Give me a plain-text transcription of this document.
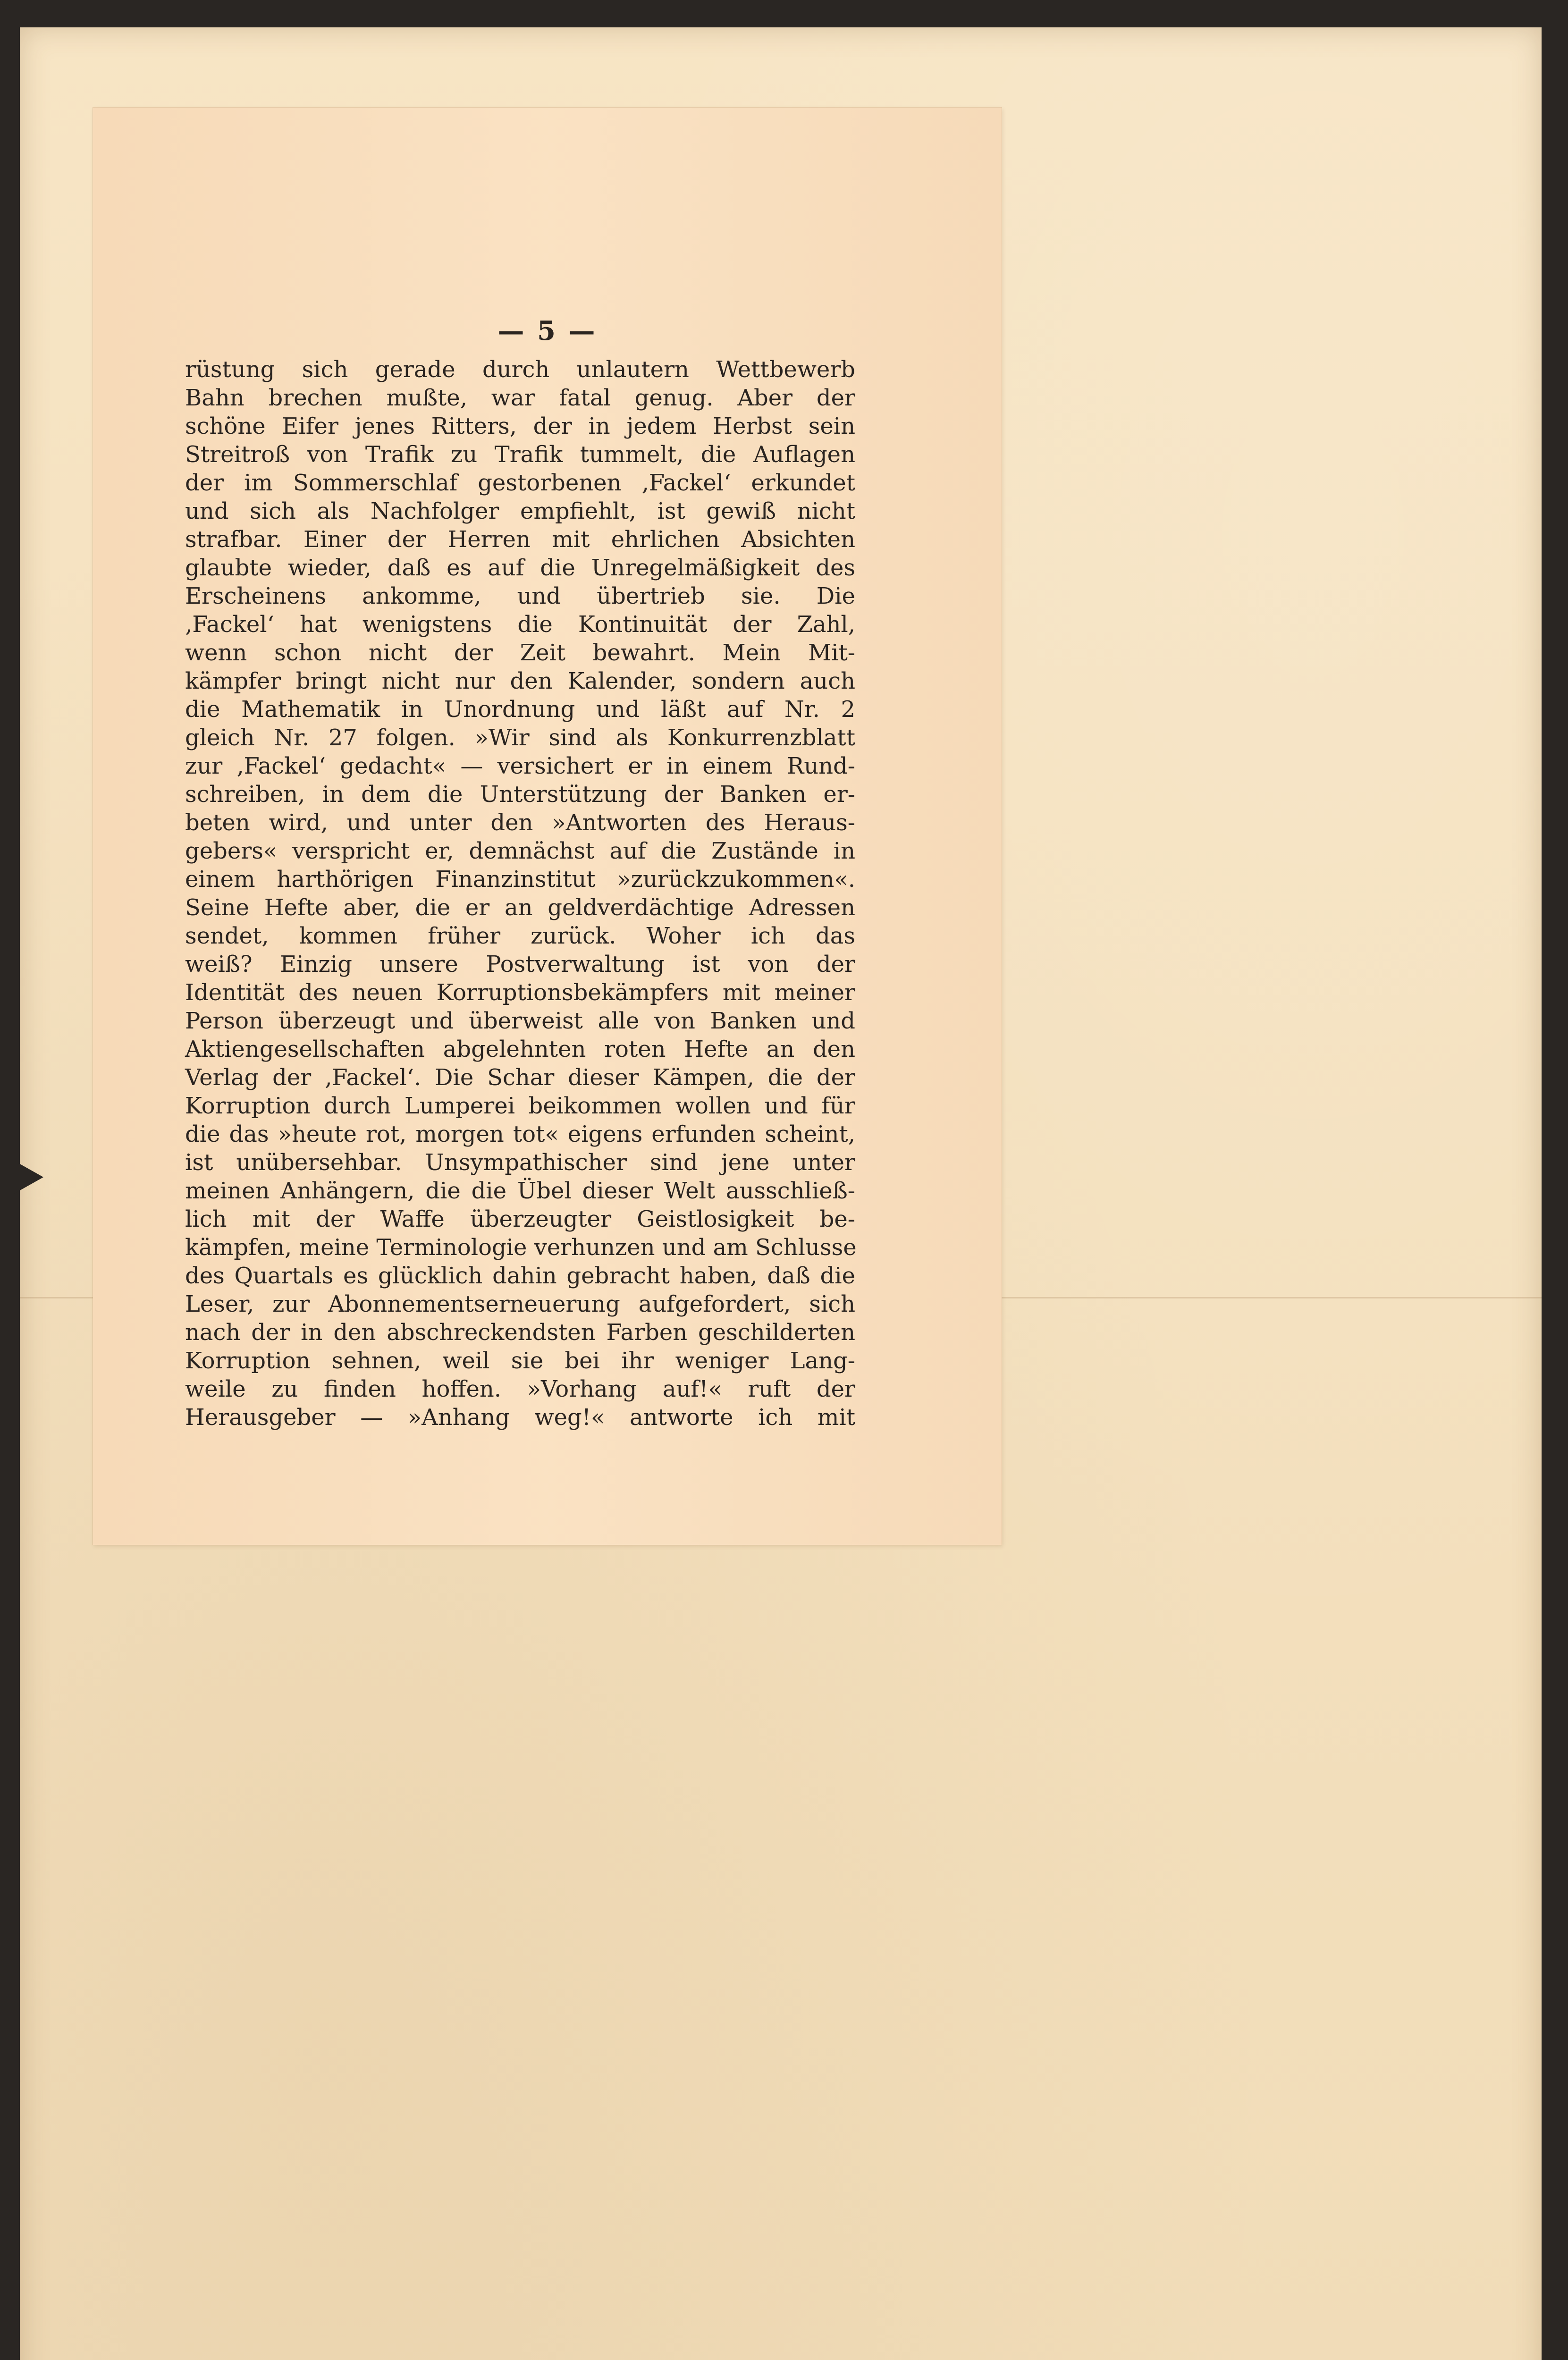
— 5 —
rüstung sich gerade durch unlautern Wettbewerb
Bahn brechen mußte, war fatal genug. Aber der
schöne Eifer jenes Ritters, der in jedem Herbst sein
Streitroß von Trafik zu Trafik tummelt, die Auflagen
der im Sommerschlaf gestorbenen ‚Fackel‘ erkundet
und sich als Nachfolger empfiehlt, ist gewiß nicht
strafbar. Einer der Herren mit ehrlichen Absichten
glaubte wieder, daß es auf die Unregelmäßigkeit des
Erscheinens ankomme, und übertrieb sie. Die
‚Fackel‘ hat wenigstens die Kontinuität der Zahl,
wenn schon nicht der Zeit bewahrt. Mein Mit-
kämpfer bringt nicht nur den Kalender, sondern auch
die Mathematik in Unordnung und läßt auf Nr. 2
gleich Nr. 27 folgen. »Wir sind als Konkurrenzblatt
zur ‚Fackel‘ gedacht« — versichert er in einem Rund-
schreiben, in dem die Unterstützung der Banken er-
beten wird, und unter den »Antworten des Heraus-
gebers« verspricht er, demnächst auf die Zustände in
einem harthörigen Finanzinstitut »zurückzukommen«.
Seine Hefte aber, die er an geldverdächtige Adressen
sendet, kommen früher zurück. Woher ich das
weiß? Einzig unsere Postverwaltung ist von der
Identität des neuen Korruptionsbekämpfers mit meiner
Person überzeugt und überweist alle von Banken und
Aktiengesellschaften abgelehnten roten Hefte an den
Verlag der ‚Fackel‘. Die Schar dieser Kämpen, die der
Korruption durch Lumperei beikommen wollen und für
die das »heute rot, morgen tot« eigens erfunden scheint,
ist unübersehbar. Unsympathischer sind jene unter
meinen Anhängern, die die Übel dieser Welt ausschließ-
lich mit der Waffe überzeugter Geistlosigkeit be-
kämpfen, meine Terminologie verhunzen und am Schlusse
des Quartals es glücklich dahin gebracht haben, daß die
Leser, zur Abonnementserneuerung aufgefordert, sich
nach der in den abschreckendsten Farben geschilderten
Korruption sehnen, weil sie bei ihr weniger Lang-
weile zu finden hoffen. »Vorhang auf!« ruft der
Herausgeber — »Anhang weg!« antworte ich mit
